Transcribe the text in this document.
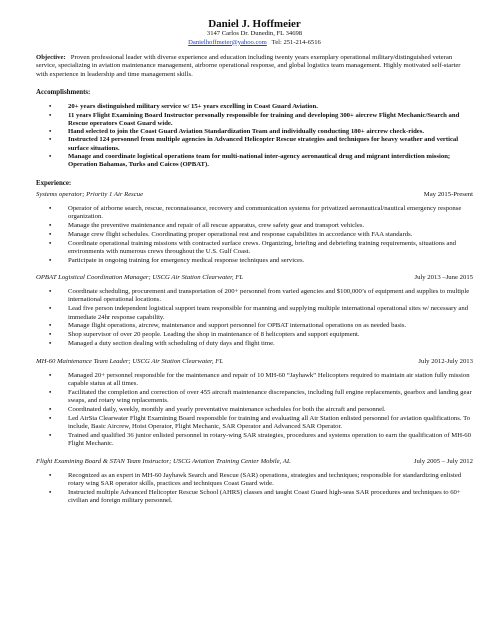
Daniel J. Hoffmeier
3147 Carlos Dr. Dunedin, FL 34698
Danielhoffmeier@yahoo.com Tel: 251-214-6516
Objective: Proven professional leader with diverse experience and education including twenty years exemplary operational military/distinguished veteran service, specializing in aviation maintenance management, airborne operational response, and global logistics team management. Highly motivated self-starter with experience in leadership and time management skills.
Accomplishments:
• 20+ years distinguished military service w/ 15+ years excelling in Coast Guard Aviation.
• 11 years Flight Examining Board Instructor personally responsible for training and developing 300+ aircrew Flight Mechanic/Search and Rescue operators Coast Guard wide.
• Hand selected to join the Coast Guard Aviation Standardization Team and individually conducting 180+ aircrew check-rides.
• Instructed 124 personnel from multiple agencies in Advanced Helicopter Rescue strategies and techniques for heavy weather and vertical surface situations.
• Manage and coordinate logistical operations team for multi-national inter-agency aeronautical drug and migrant interdiction mission; Operation Bahamas, Turks and Caicos (OPBAT).
Experience:
Systems operator; Priority 1 Air Rescue	May 2015-Present
• Operator of airborne search, rescue, reconnaissance, recovery and communication systems for privatized aeronautical/nautical emergency response organization.
• Manage the preventive maintenance and repair of all rescue apparatus, crew safety gear and transport vehicles.
• Manage crew flight schedules. Coordinating proper operational rest and response capabilities in accordance with FAA standards.
• Coordinate operational training missions with contracted surface crews. Organizing, briefing and debriefing training requirements, situations and environments with numerous crews throughout the U.S. Gulf Coast.
• Participate in ongoing training for emergency medical response techniques and services.
OPBAT Logistical Coordination Manager; USCG Air Station Clearwater, FL	July 2013 –June 2015
• Coordinate scheduling, procurement and transportation of 200+ personnel from varied agencies and $100,000’s of equipment and supplies to multiple international operational locations.
• Lead five person independent logistical support team responsible for manning and supplying multiple international operational sites w/ necessary and immediate 24hr response capability.
• Manage flight operations, aircrew, maintenance and support personnel for OPBAT international operations on as needed basis.
• Shop supervisor of over 20 people. Leading the shop in maintenance of 8 helicopters and support equipment.
• Managed a duty section dealing with scheduling of duty days and flight time.
MH-60 Maintenance Team Leader; USCG Air Station Clearwater, FL	July 2012-July 2013
• Managed 20+ personnel responsible for the maintenance and repair of 10 MH-60 “Jayhawk” Helicopters required to maintain air station fully mission capable status at all times.
• Facilitated the completion and correction of over 455 aircraft maintenance discrepancies, including full engine replacements, gearbox and landing gear swaps, and rotary wing replacements.
• Coordinated daily, weekly, monthly and yearly preventative maintenance schedules for both the aircraft and personnel.
• Led AirSta Clearwater Flight Examining Board responsible for training and evaluating all Air Station enlisted personnel for aviation qualifications. To include, Basic Aircrew, Hoist Operator, Flight Mechanic, SAR Operator and Advanced SAR Operator.
• Trained and qualified 36 junior enlisted personnel in rotary-wing SAR strategies, procedures and systems operation to earn the qualification of MH-60 Flight Mechanic.
Flight Examining Board & STAN Team Instructor; USCG Aviation Training Center Mobile, AL	July 2005 – July 2012
• Recognized as an expert in MH-60 Jayhawk Search and Rescue (SAR) operations, strategies and techniques; responsible for standardizing enlisted rotary wing SAR operator skills, practices and techniques Coast Guard wide.
• Instructed multiple Advanced Helicopter Rescue School (AHRS) classes and taught Coast Guard high-seas SAR procedures and techniques to 60+ civilian and foreign military personnel.
